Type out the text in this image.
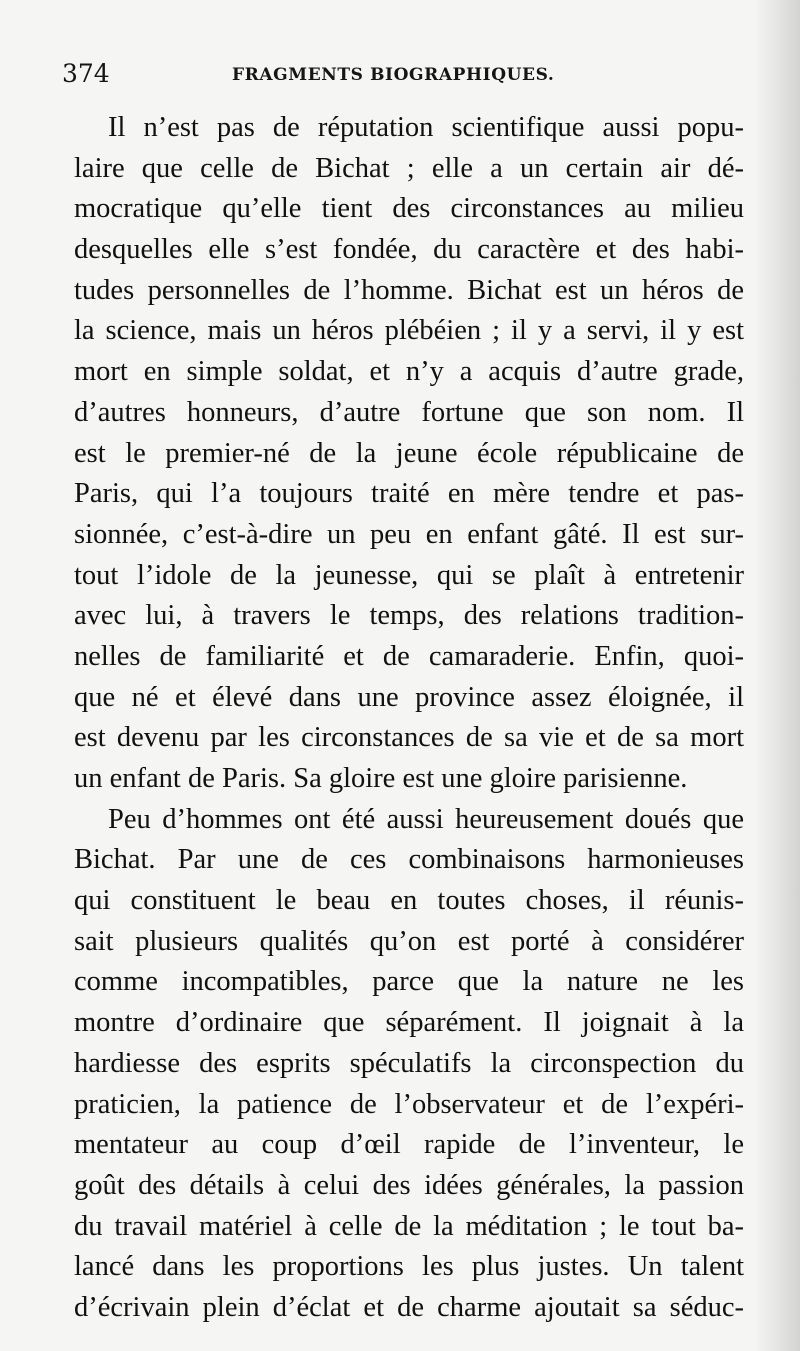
374	FRAGMENTS BIOGRAPHIQUES.
Il n’est pas de réputation scientifique aussi popu-
laire que celle de Bichat ; elle a un certain air dé-
mocratique qu’elle tient des circonstances au milieu
desquelles elle s’est fondée, du caractère et des habi-
tudes personnelles de l’homme. Bichat est un héros de
la science, mais un héros plébéien ; il y a servi, il y est
mort en simple soldat, et n’y a acquis d’autre grade,
d’autres honneurs, d’autre fortune que son nom. Il
est le premier-né de la jeune école républicaine de
Paris, qui l’a toujours traité en mère tendre et pas-
sionnée, c’est-à-dire un peu en enfant gâté. Il est sur-
tout l’idole de la jeunesse, qui se plaît à entretenir
avec lui, à travers le temps, des relations tradition-
nelles de familiarité et de camaraderie. Enfin, quoi-
que né et élevé dans une province assez éloignée, il
est devenu par les circonstances de sa vie et de sa mort
un enfant de Paris. Sa gloire est une gloire parisienne.
Peu d’hommes ont été aussi heureusement doués que
Bichat. Par une de ces combinaisons harmonieuses
qui constituent le beau en toutes choses, il réunis-
sait plusieurs qualités qu’on est porté à considérer
comme incompatibles, parce que la nature ne les
montre d’ordinaire que séparément. Il joignait à la
hardiesse des esprits spéculatifs la circonspection du
praticien, la patience de l’observateur et de l’expéri-
mentateur au coup d’œil rapide de l’inventeur, le
goût des détails à celui des idées générales, la passion
du travail matériel à celle de la méditation ; le tout ba-
lancé dans les proportions les plus justes. Un talent
d’écrivain plein d’éclat et de charme ajoutait sa séduc-
